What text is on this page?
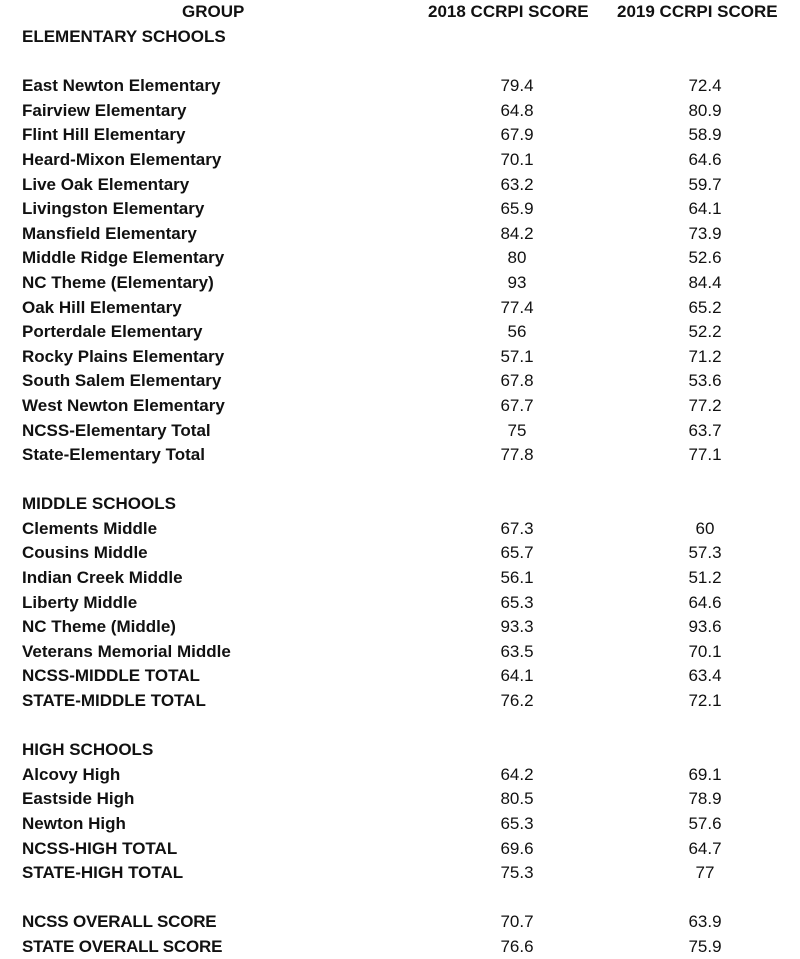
GROUP	2018 CCRPI SCORE 2019 CCRPI SCORE
ELEMENTARY SCHOOLS
East Newton Elementary	79.4	72.4
Fairview Elementary	64.8	80.9
Flint Hill Elementary	67.9	58.9
Heard-Mixon Elementary	70.1	64.6
Live Oak Elementary	63.2	59.7
Livingston Elementary	65.9	64.1
Mansfield Elementary	84.2	73.9
Middle Ridge Elementary	80	52.6
NC Theme (Elementary)	93	84.4
Oak Hill Elementary	77.4	65.2
Porterdale Elementary	56	52.2
Rocky Plains Elementary	57.1	71.2
South Salem Elementary	67.8	53.6
West Newton Elementary	67.7	77.2
NCSS-Elementary Total	75	63.7
State-Elementary Total	77.8	77.1
MIDDLE SCHOOLS
Clements Middle	67.3	60
Cousins Middle	65.7	57.3
Indian Creek Middle	56.1	51.2
Liberty Middle	65.3	64.6
NC Theme (Middle)	93.3	93.6
Veterans Memorial Middle	63.5	70.1
NCSS-MIDDLE TOTAL	64.1	63.4
STATE-MIDDLE TOTAL	76.2	72.1
HIGH SCHOOLS
Alcovy High	64.2	69.1
Eastside High	80.5	78.9
Newton High	65.3	57.6
NCSS-HIGH TOTAL	69.6	64.7
STATE-HIGH TOTAL	75.3	77
NCSS OVERALL SCORE	70.7	63.9
STATE OVERALL SCORE	76.6	75.9
